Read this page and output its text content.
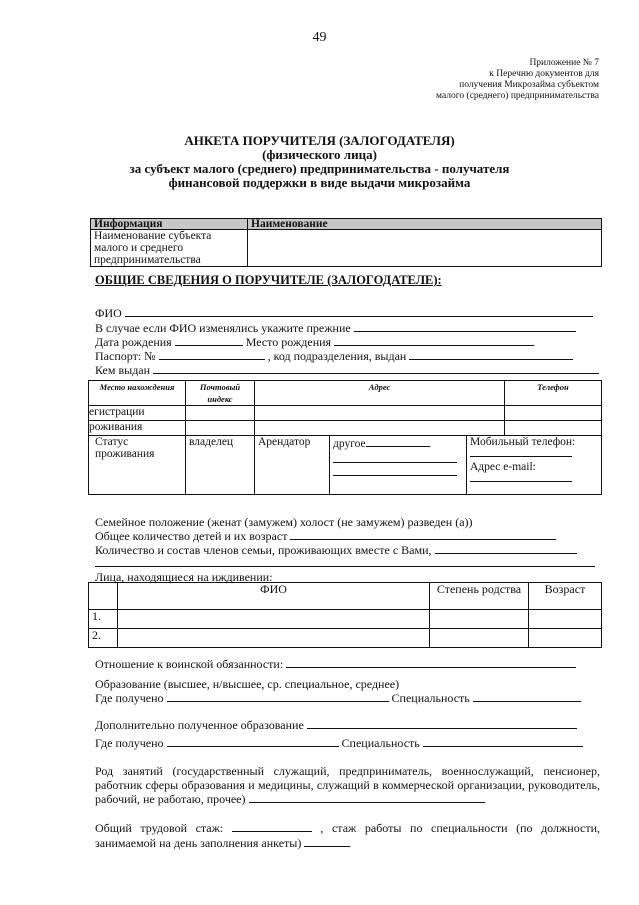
49
Приложение № 7
к Перечню документов для
получения Микрозайма субъектом
малого (среднего) предпринимательства
АНКЕТА ПОРУЧИТЕЛЯ (ЗАЛОГОДАТЕЛЯ)
(физического лица)
за субъект малого (среднего) предпринимательства - получателя
финансовой поддержки в виде выдачи микрозайма
Информация	Наименование
Наименование субъекта малого и среднего предпринимательства	
ОБЩИЕ СВЕДЕНИЯ О ПОРУЧИТЕЛЕ (ЗАЛОГОДАТЕЛЕ):
ФИО
В случае если ФИО изменялись укажите прежние
Дата рождения	Место рождения
Паспорт: №	, код подразделения, выдан
Кем выдан
Место нахождения	Почтовый индекс	Адрес			Телефон
егистрации					
роживания					
Статус проживания	владелец	Арендатор	другое	Мобильный телефон:
Адрес e-mail:	
Семейное положение (женат (замужем) холост (не замужем) разведен (а))
Общее количество детей и их возраст
Количество и состав членов семьи, проживающих вместе с Вами,
Лица, находящиеся на иждивении:
	ФИО	Степень родства	Возраст
1.			
2.			
Отношение к воинской обязанности:
Образование (высшее, н/высшее, ср. специальное, среднее)
Где получено	Специальность
Дополнительно полученное образование
Где получено	Специальность
Род занятий (государственный служащий, предприниматель, военнослужащий, пенсионер, работник сферы образования и медицины, служащий в коммерческой организации, руководитель, рабочий, не работаю, прочее)
Общий трудовой стаж:	, стаж работы по специальности (по должности, занимаемой на день заполнения анкеты)
